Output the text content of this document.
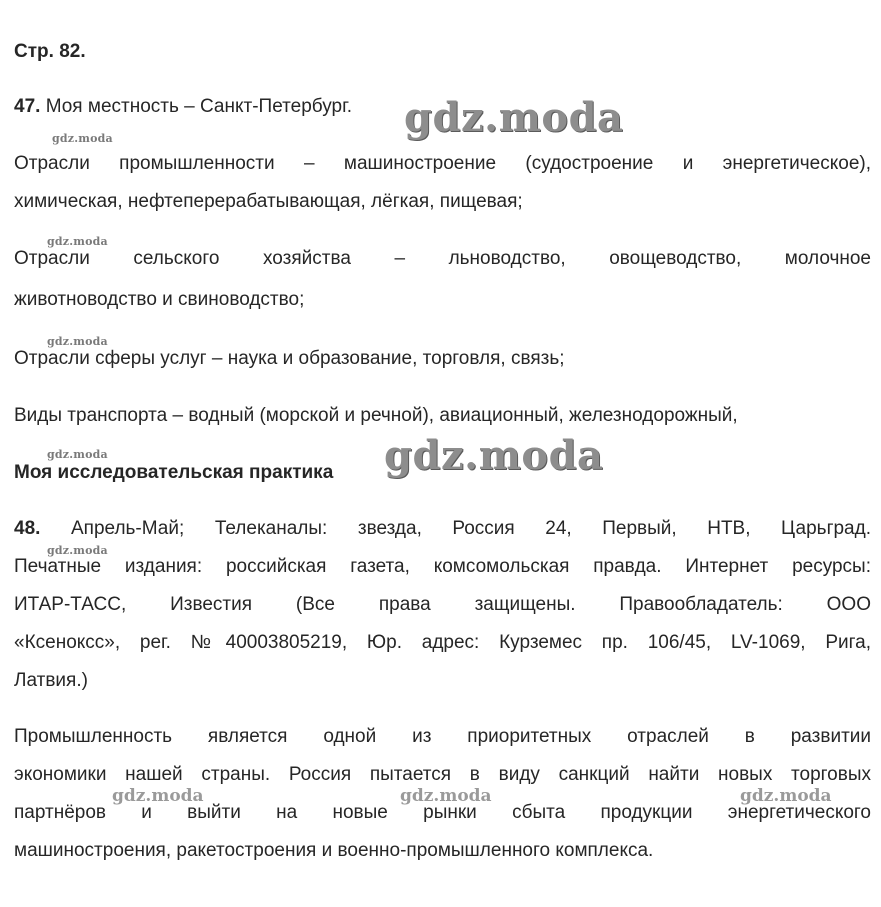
Стр. 82.
47. Моя местность – Санкт-Петербург.
Отрасли промышленности – машиностроение (судостроение и энергетическое),
химическая, нефтеперерабатывающая, лёгкая, пищевая;
Отрасли сельского хозяйства – льноводство, овощеводство, молочное
животноводство и свиноводство;
Отрасли сферы услуг – наука и образование, торговля, связь;
Виды транспорта – водный (морской и речной), авиационный, железнодорожный,
Моя исследовательская практика
48. Апрель-Май; Телеканалы: звезда, Россия 24, Первый, НТВ, Царьград.
Печатные издания: российская газета, комсомольская правда. Интернет ресурсы:
ИТАР-ТАСС, Известия (Все права защищены. Правообладатель: ООО
«Ксеноксс», рег. №40003805219, Юр. адрес: Курземес пр. 106/45, LV-1069, Рига,
Латвия.)
Промышленность является одной из приоритетных отраслей в развитии
экономики нашей страны. Россия пытается в виду санкций найти новых торговых
партнёров и выйти на новые рынки сбыта продукции энергетического
машиностроения, ракетостроения и военно-промышленного комплекса.
gdz.moda
gdz.moda
gdz.moda
gdz.moda
gdz.moda
gdz.moda
gdz.moda
gdz.moda	gdz.moda	gdz.moda
